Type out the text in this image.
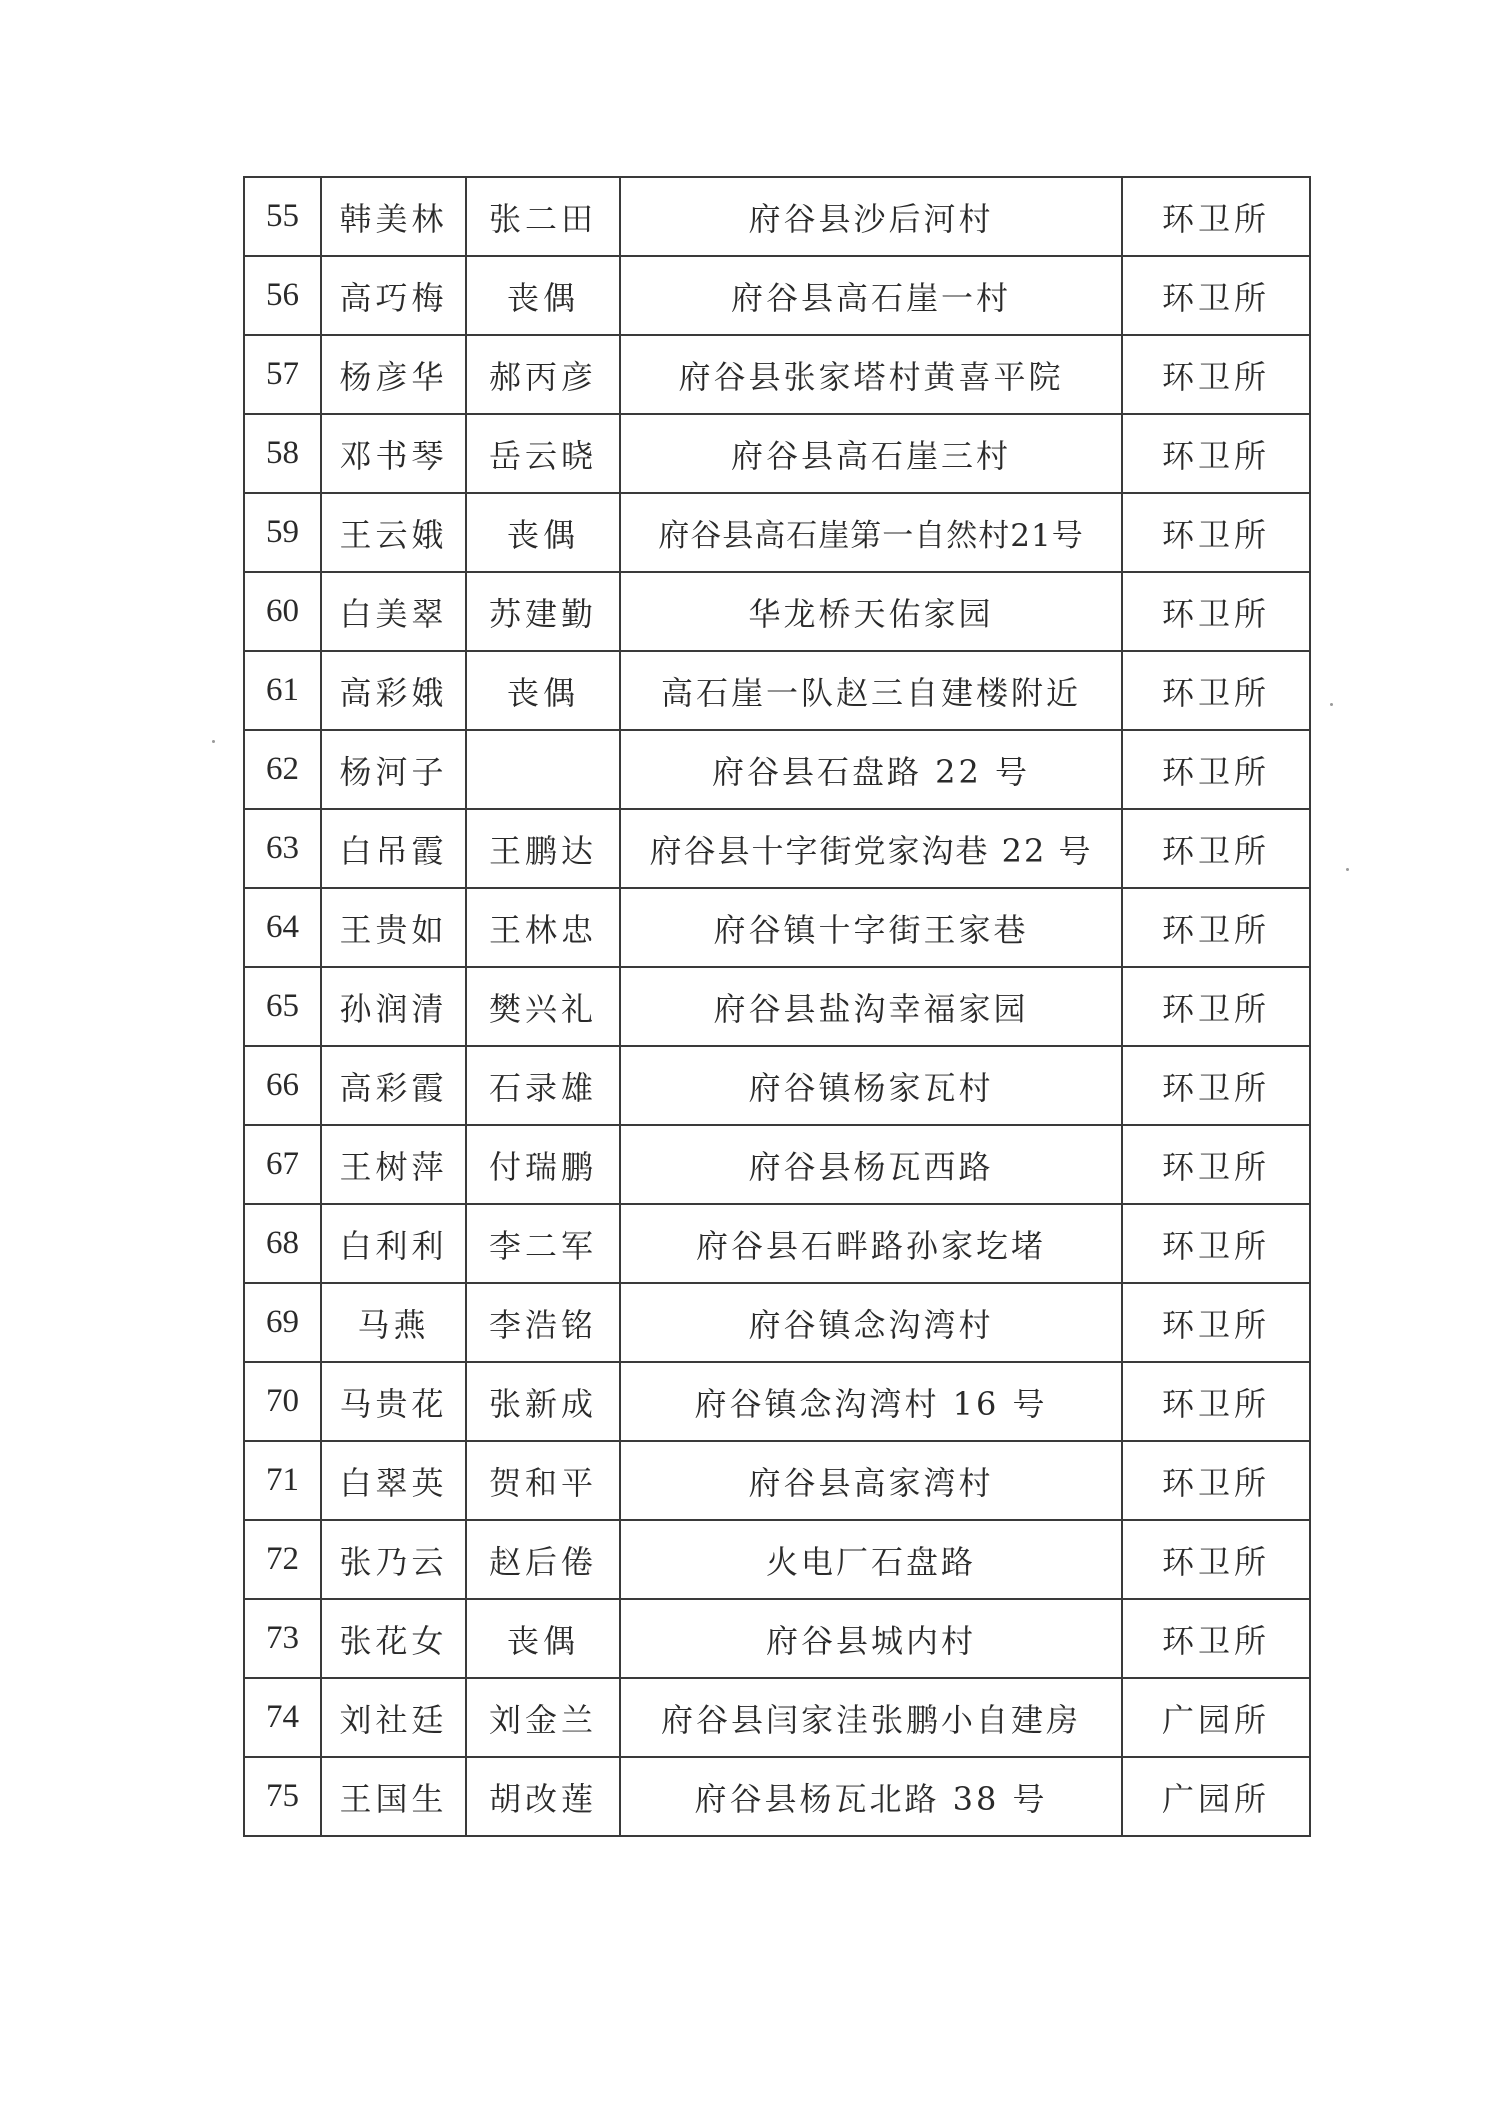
55	韩美林	张二田	府谷县沙后河村	环卫所
56	高巧梅	丧偶	府谷县高石崖一村	环卫所
57	杨彦华	郝丙彦	府谷县张家塔村黄喜平院	环卫所
58	邓书琴	岳云晓	府谷县高石崖三村	环卫所
59	王云娥	丧偶	府谷县高石崖第一自然村21号	环卫所
60	白美翠	苏建勤	华龙桥天佑家园	环卫所
61	高彩娥	丧偶	高石崖一队赵三自建楼附近	环卫所
62	杨河子		府谷县石盘路 22 号	环卫所
63	白吊霞	王鹏达	府谷县十字街党家沟巷 22 号	环卫所
64	王贵如	王林忠	府谷镇十字街王家巷	环卫所
65	孙润清	樊兴礼	府谷县盐沟幸福家园	环卫所
66	高彩霞	石录雄	府谷镇杨家瓦村	环卫所
67	王树萍	付瑞鹏	府谷县杨瓦西路	环卫所
68	白利利	李二军	府谷县石畔路孙家圪堵	环卫所
69	马燕	李浩铭	府谷镇念沟湾村	环卫所
70	马贵花	张新成	府谷镇念沟湾村 16 号	环卫所
71	白翠英	贺和平	府谷县高家湾村	环卫所
72	张乃云	赵后倦	火电厂石盘路	环卫所
73	张花女	丧偶	府谷县城内村	环卫所
74	刘社廷	刘金兰	府谷县闫家洼张鹏小自建房	广园所
75	王国生	胡改莲	府谷县杨瓦北路 38 号	广园所
